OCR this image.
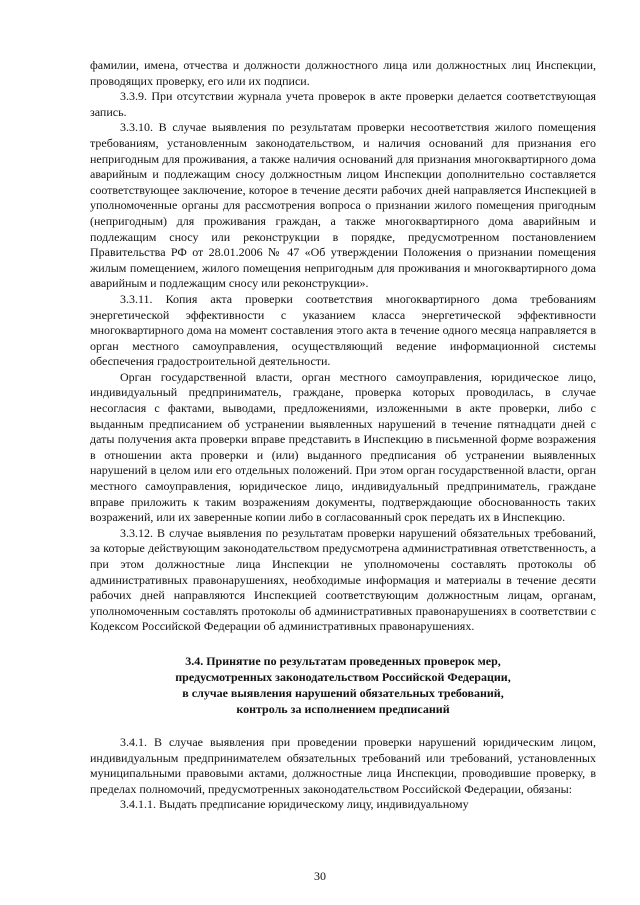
фамилии, имена, отчества и должности должностного лица или должностных лиц Инспекции, проводящих проверку, его или их подписи.

3.3.9. При отсутствии журнала учета проверок в акте проверки делается соответствующая запись.

3.3.10. В случае выявления по результатам проверки несоответствия жилого помещения требованиям, установленным законодательством, и наличия оснований для признания его непригодным для проживания, а также наличия оснований для признания многоквартирного дома аварийным и подлежащим сносу должностным лицом Инспекции дополнительно составляется соответствующее заключение, которое в течение десяти рабочих дней направляется Инспекцией в уполномоченные органы для рассмотрения вопроса о признании жилого помещения пригодным (непригодным) для проживания граждан, а также многоквартирного дома аварийным и подлежащим сносу или реконструкции в порядке, предусмотренном постановлением Правительства РФ от 28.01.2006 № 47 «Об утверждении Положения о признании помещения жилым помещением, жилого помещения непригодным для проживания и многоквартирного дома аварийным и подлежащим сносу или реконструкции».

3.3.11. Копия акта проверки соответствия многоквартирного дома требованиям энергетической эффективности с указанием класса энергетической эффективности многоквартирного дома на момент составления этого акта в течение одного месяца направляется в орган местного самоуправления, осуществляющий ведение информационной системы обеспечения градостроительной деятельности.

Орган государственной власти, орган местного самоуправления, юридическое лицо, индивидуальный предприниматель, граждане, проверка которых проводилась, в случае несогласия с фактами, выводами, предложениями, изложенными в акте проверки, либо с выданным предписанием об устранении выявленных нарушений в течение пятнадцати дней с даты получения акта проверки вправе представить в Инспекцию в письменной форме возражения в отношении акта проверки и (или) выданного предписания об устранении выявленных нарушений в целом или его отдельных положений. При этом орган государственной власти, орган местного самоуправления, юридическое лицо, индивидуальный предприниматель, граждане вправе приложить к таким возражениям документы, подтверждающие обоснованность таких возражений, или их заверенные копии либо в согласованный срок передать их в Инспекцию.

3.3.12. В случае выявления по результатам проверки нарушений обязательных требований, за которые действующим законодательством предусмотрена административная ответственность, а при этом должностные лица Инспекции не уполномочены составлять протоколы об административных правонарушениях, необходимые информация и материалы в течение десяти рабочих дней направляются Инспекцией соответствующим должностным лицам, органам, уполномоченным составлять протоколы об административных правонарушениях в соответствии с Кодексом Российской Федерации об административных правонарушениях.

3.4. Принятие по результатам проведенных проверок мер,
предусмотренных законодательством Российской Федерации,
в случае выявления нарушений обязательных требований,
контроль за исполнением предписаний

3.4.1. В случае выявления при проведении проверки нарушений юридическим лицом, индивидуальным предпринимателем обязательных требований или требований, установленных муниципальными правовыми актами, должностные лица Инспекции, проводившие проверку, в пределах полномочий, предусмотренных законодательством Российской Федерации, обязаны:

3.4.1.1. Выдать предписание юридическому лицу, индивидуальному

30
